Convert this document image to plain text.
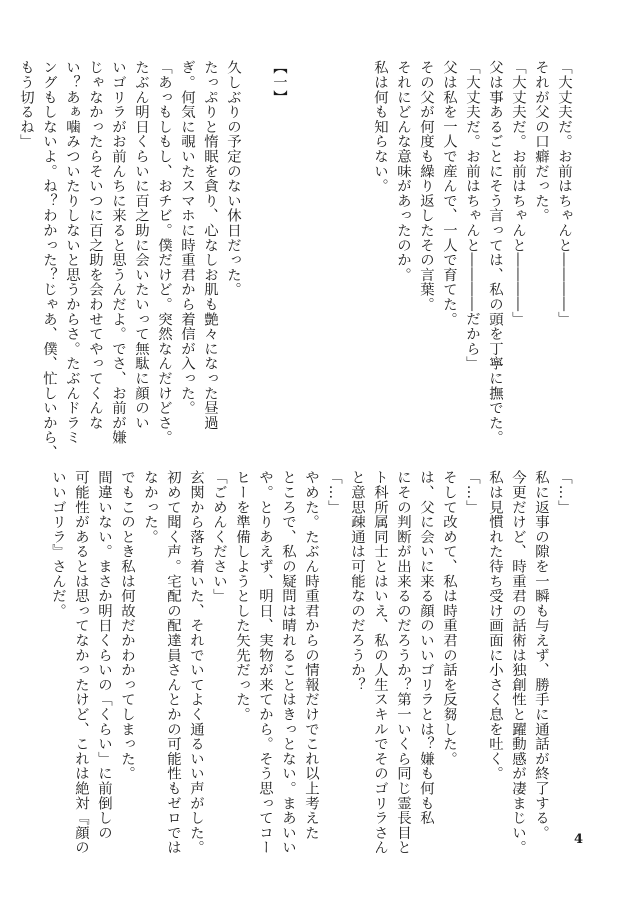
「大丈夫だ。お前はちゃんと――――」
それが父の口癖だった。
「大丈夫だ。お前はちゃんと――――」
父は事あるごとにそう言っては、私の頭を丁寧に撫でた。
「大丈夫だ。お前はちゃんと――――だから」
父は私を一人で産んで、一人で育てた。
その父が何度も繰り返したその言葉。
それにどんな意味があったのか。
私は何も知らない。

【一】

久しぶりの予定のない休日だった。
たっぷりと惰眠を貪り、心なしお肌も艶々になった昼過
ぎ。何気に覗いたスマホに時重君から着信が入った。
「あっもしもし、おチビ。僕だけど。突然なんだけどさ。
たぶん明日くらいに百之助に会いたいって無駄に顔のい
いゴリラがお前んちに来ると思うんだよ。でさ、お前が嫌
じゃなかったらそいつに百之助を会わせてやってくんな
い？あぁ噛みついたりしないと思うからさ。たぶんドラミ
ングもしないよ。ね？わかった？じゃあ、僕、忙しいから、
もう切るね」
「…」
私に返事の隙を一瞬も与えず、勝手に通話が終了する。
今更だけど、時重君の話術は独創性と躍動感が凄まじい。
私は見慣れた待ち受け画面に小さく息を吐く。
「…」
そして改めて、私は時重君の話を反芻した。
は、父に会いに来る顔のいいゴリラとは？嫌も何も私
にその判断が出来るのだろうか？第一いくら同じ霊長目と
ト科所属同士とはいえ、私の人生スキルでそのゴリラさん
と意思疎通は可能なのだろうか？
「…」
やめた。たぶん時重君からの情報だけでこれ以上考えた
ところで、私の疑問は晴れることはきっとない。まあいい
や。とりあえず、明日、実物が来てから。そう思ってコー
ヒーを準備しようとした矢先だった。
「ごめんください」
玄関から落ち着いた、それでいてよく通るいい声がした。
初めて聞く声。宅配の配達員さんとかの可能性もゼロでは
なかった。
でもこのとき私は何故だかわかってしまった。
間違いない。まさか明日くらいの「くらい」に前倒しの
可能性があるとは思ってなかったけど、これは絶対『顔の
いいゴリラ』さんだ。
4
